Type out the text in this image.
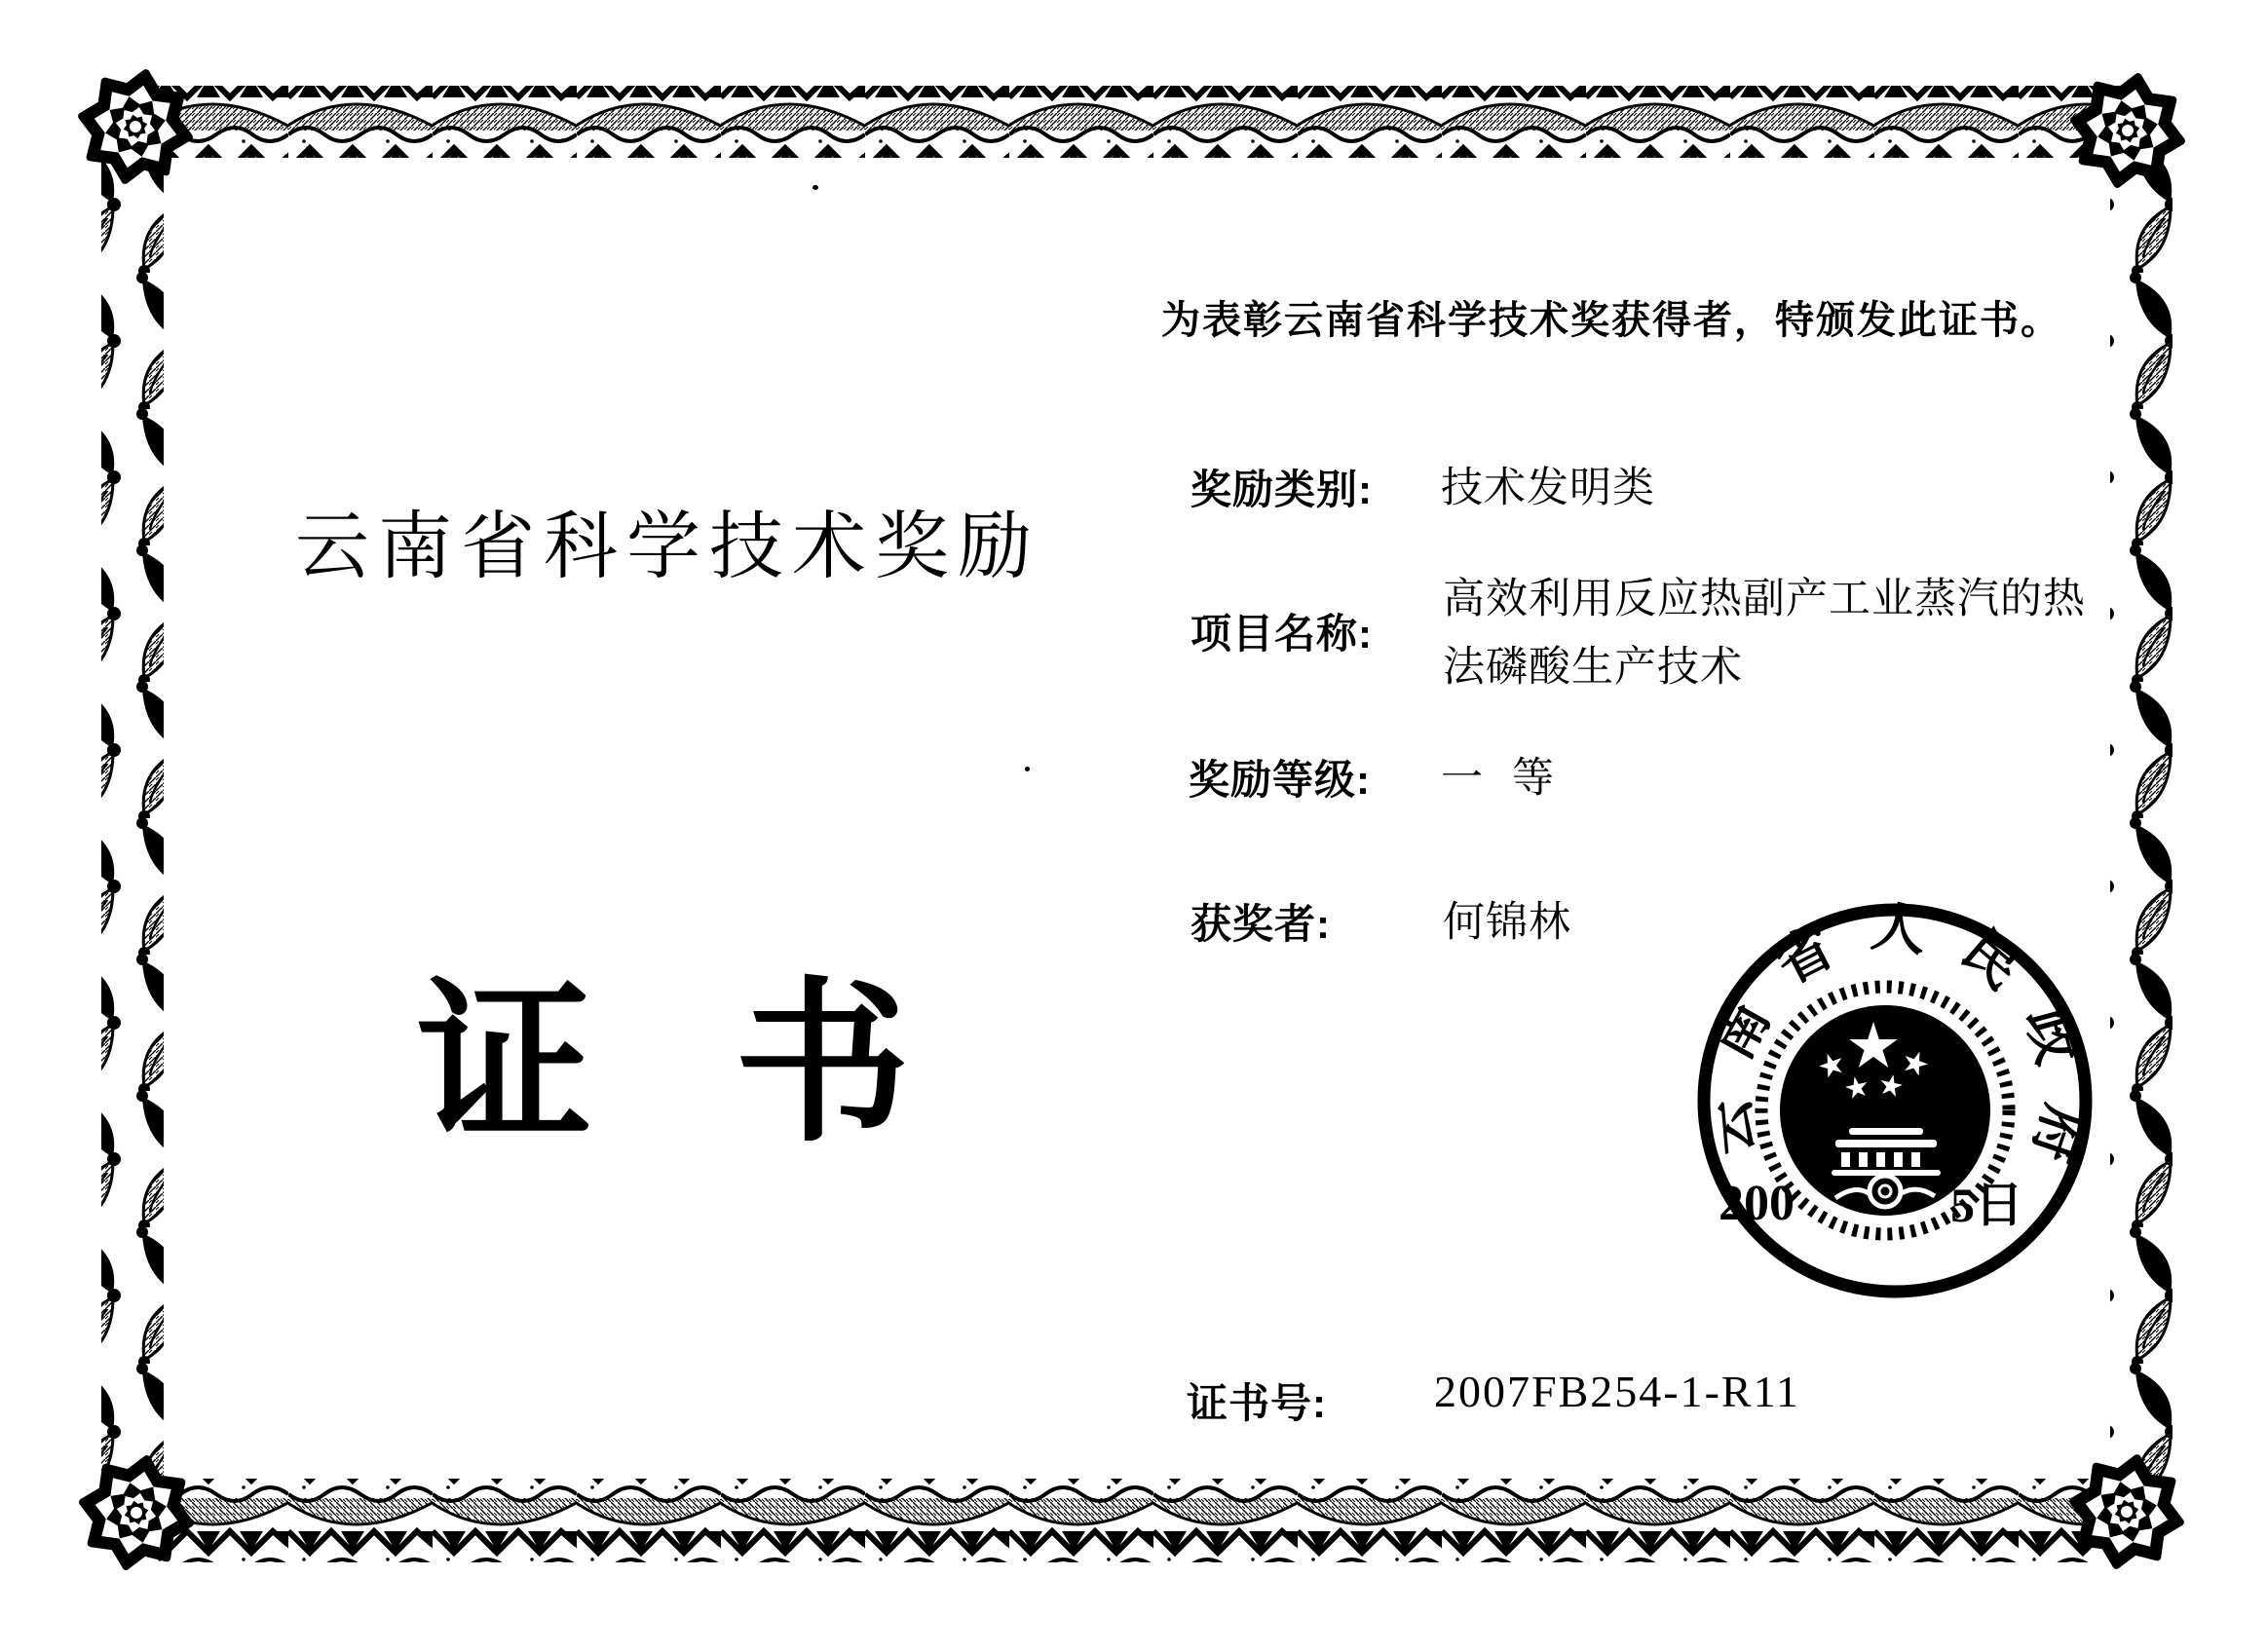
为表彰云南省科学技术奖获得者，特颁发此证书。
云南省科学技术奖励
证 书
奖励类别: 技术发明类
项目名称:
高效利用反应热副产工业蒸汽的热
法磷酸生产技术
奖励等级: 一 等
获奖者:	何锦林
证书号: 2007FB254-1-R11
云南省人民政府
200	5日
